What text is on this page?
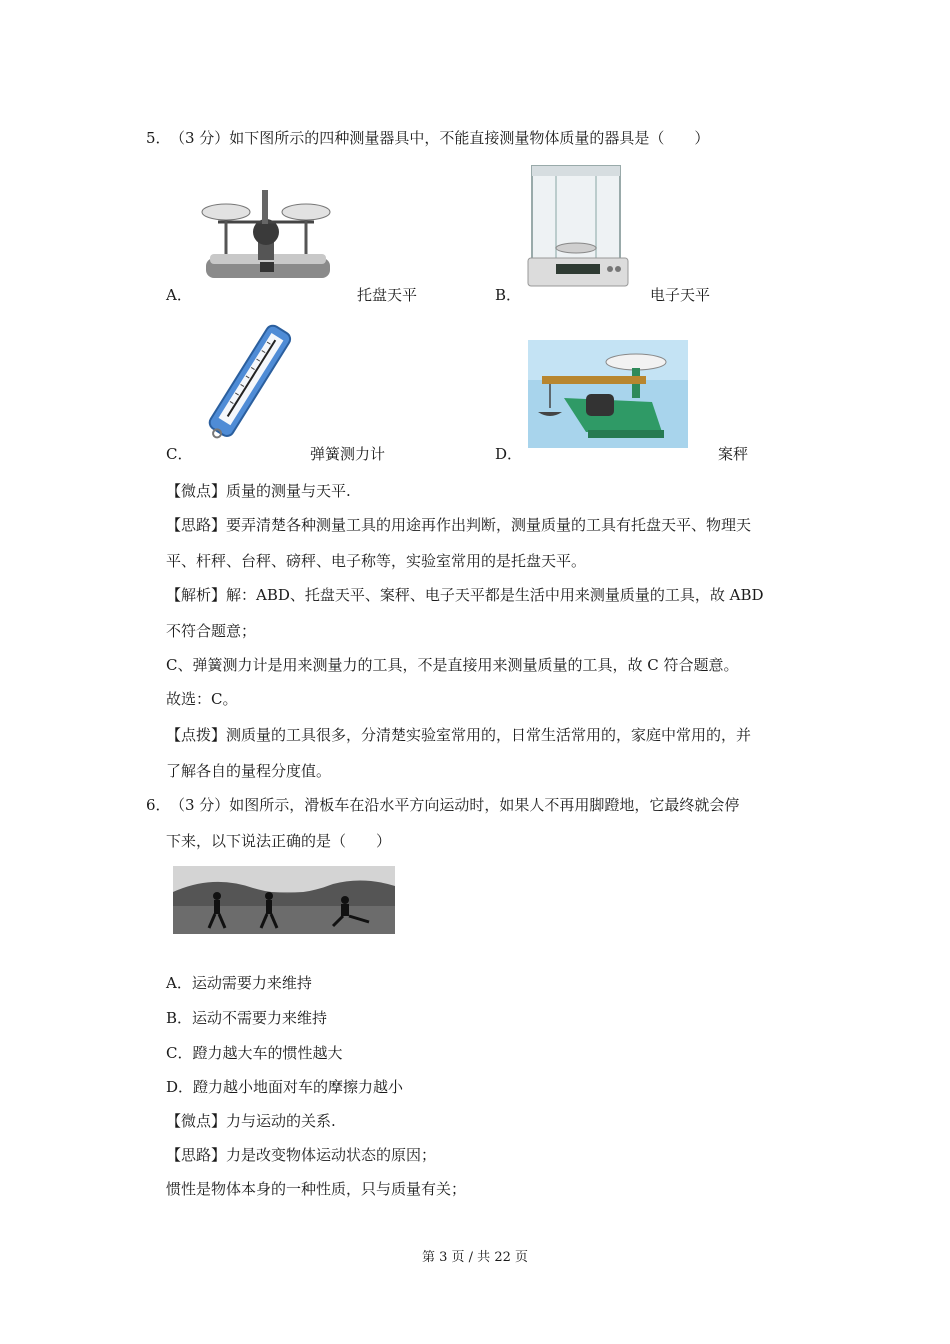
5． （3 分）如下图所示的四种测量器具中，不能直接测量物体质量的器具是（　　）
A．	托盘天平	B．	电子天平
C．	弹簧测力计	D．	案秤
【微点】质量的测量与天平.
【思路】要弄清楚各种测量工具的用途再作出判断，测量质量的工具有托盘天平、物理天
平、杆秤、台秤、磅秤、电子称等，实验室常用的是托盘天平。
【解析】解：ABD、托盘天平、案秤、电子天平都是生活中用来测量质量的工具，故 ABD
不符合题意；
C、弹簧测力计是用来测量力的工具，不是直接用来测量质量的工具，故 C 符合题意。
故选：C。
【点拨】测质量的工具很多，分清楚实验室常用的，日常生活常用的，家庭中常用的，并
了解各自的量程分度值。
6． （3 分）如图所示，滑板车在沿水平方向运动时，如果人不再用脚蹬地，它最终就会停
下来，以下说法正确的是（　　）
A．运动需要力来维持
B．运动不需要力来维持
C．蹬力越大车的惯性越大
D．蹬力越小地面对车的摩擦力越小
【微点】力与运动的关系.
【思路】力是改变物体运动状态的原因；
惯性是物体本身的一种性质，只与质量有关；
第 3 页 / 共 22 页
